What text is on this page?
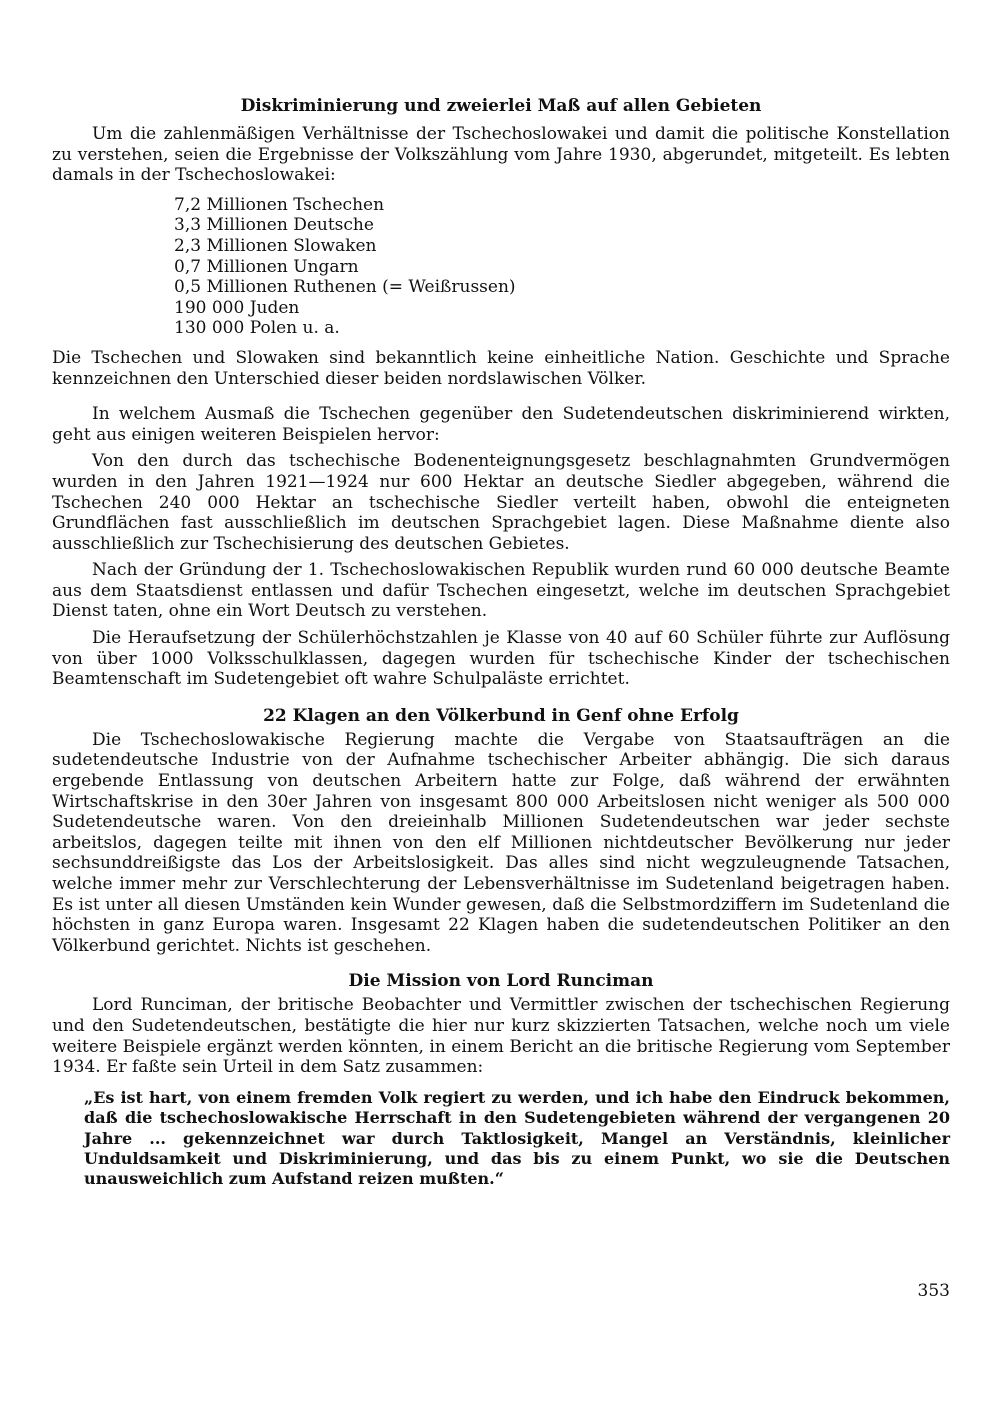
Diskriminierung und zweierlei Maß auf allen Gebieten

Um die zahlenmäßigen Verhältnisse der Tschechoslowakei und damit die politische Konstellation zu verstehen, seien die Ergebnisse der Volkszählung vom Jahre 1930, abgerundet, mitgeteilt. Es lebten damals in der Tschechoslowakei:

7,2 Millionen Tschechen
3,3 Millionen Deutsche
2,3 Millionen Slowaken
0,7 Millionen Ungarn
0,5 Millionen Ruthenen (= Weißrussen)
190 000 Juden
130 000 Polen u. a.

Die Tschechen und Slowaken sind bekanntlich keine einheitliche Nation. Geschichte und Sprache kennzeichnen den Unterschied dieser beiden nordslawischen Völker.

In welchem Ausmaß die Tschechen gegenüber den Sudetendeutschen diskriminierend wirkten, geht aus einigen weiteren Beispielen hervor:

Von den durch das tschechische Bodenenteignungsgesetz beschlagnahmten Grundvermögen wurden in den Jahren 1921—1924 nur 600 Hektar an deutsche Siedler abgegeben, während die Tschechen 240 000 Hektar an tschechische Siedler verteilt haben, obwohl die enteigneten Grundflächen fast ausschließlich im deutschen Sprachgebiet lagen. Diese Maßnahme diente also ausschließlich zur Tschechisierung des deutschen Gebietes.

Nach der Gründung der 1. Tschechoslowakischen Republik wurden rund 60 000 deutsche Beamte aus dem Staatsdienst entlassen und dafür Tschechen eingesetzt, welche im deutschen Sprachgebiet Dienst taten, ohne ein Wort Deutsch zu verstehen.

Die Heraufsetzung der Schülerhöchstzahlen je Klasse von 40 auf 60 Schüler führte zur Auflösung von über 1000 Volksschulklassen, dagegen wurden für tschechische Kinder der tschechischen Beamtenschaft im Sudetengebiet oft wahre Schulpaläste errichtet.

22 Klagen an den Völkerbund in Genf ohne Erfolg

Die Tschechoslowakische Regierung machte die Vergabe von Staatsaufträgen an die sudetendeutsche Industrie von der Aufnahme tschechischer Arbeiter abhängig. Die sich daraus ergebende Entlassung von deutschen Arbeitern hatte zur Folge, daß während der erwähnten Wirtschaftskrise in den 30er Jahren von insgesamt 800 000 Arbeitslosen nicht weniger als 500 000 Sudetendeutsche waren. Von den dreieinhalb Millionen Sudetendeutschen war jeder sechste arbeitslos, dagegen teilte mit ihnen von den elf Millionen nichtdeutscher Bevölkerung nur jeder sechsunddreißigste das Los der Arbeitslosigkeit. Das alles sind nicht wegzuleugnende Tatsachen, welche immer mehr zur Verschlechterung der Lebensverhältnisse im Sudetenland beigetragen haben. Es ist unter all diesen Umständen kein Wunder gewesen, daß die Selbstmordziffern im Sudetenland die höchsten in ganz Europa waren. Insgesamt 22 Klagen haben die sudetendeutschen Politiker an den Völkerbund gerichtet. Nichts ist geschehen.

Die Mission von Lord Runciman

Lord Runciman, der britische Beobachter und Vermittler zwischen der tschechischen Regierung und den Sudetendeutschen, bestätigte die hier nur kurz skizzierten Tatsachen, welche noch um viele weitere Beispiele ergänzt werden könnten, in einem Bericht an die britische Regierung vom September 1934. Er faßte sein Urteil in dem Satz zusammen:

„Es ist hart, von einem fremden Volk regiert zu werden, und ich habe den Eindruck bekommen, daß die tschechoslowakische Herrschaft in den Sudetengebieten während der vergangenen 20 Jahre ... gekennzeichnet war durch Taktlosigkeit, Mangel an Verständnis, kleinlicher Unduldsamkeit und Diskriminierung, und das bis zu einem Punkt, wo sie die Deutschen unausweichlich zum Aufstand reizen mußten.“

353
